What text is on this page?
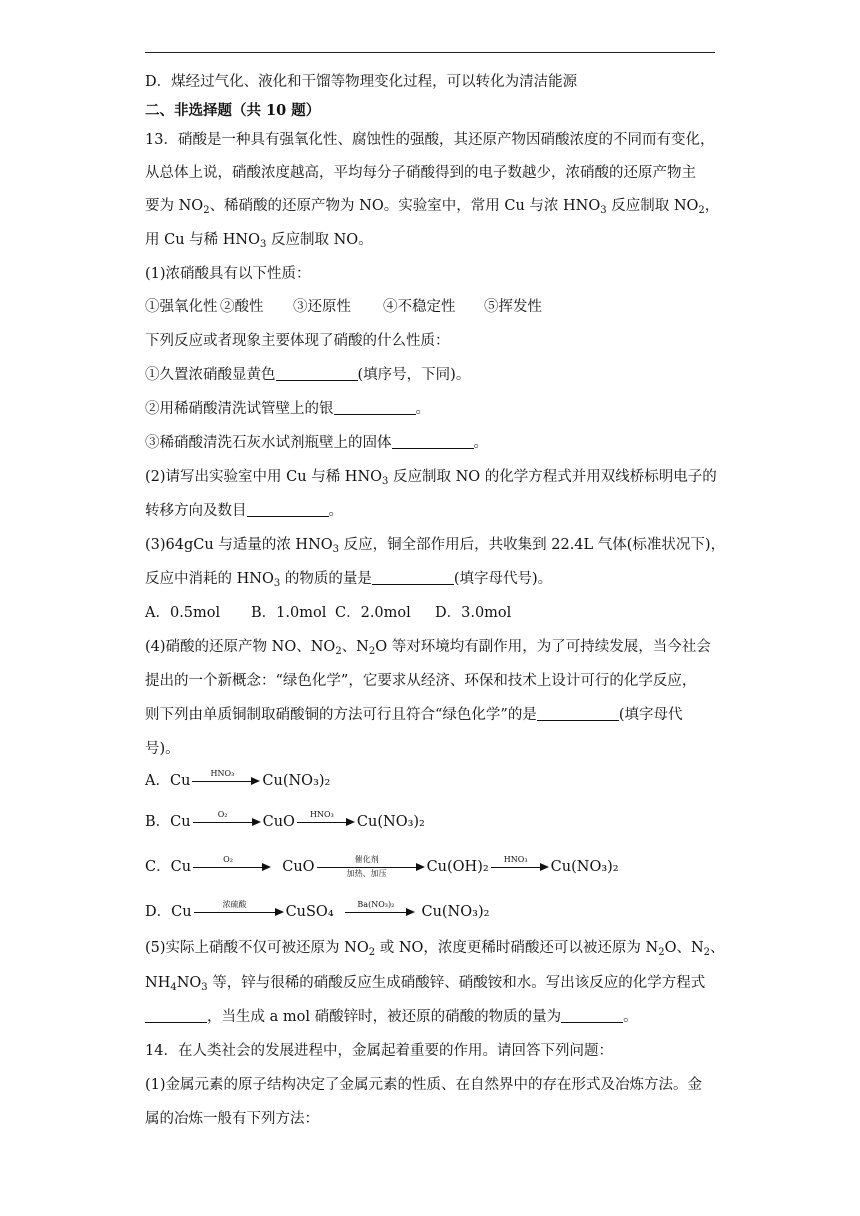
D．煤经过气化、液化和干馏等物理变化过程，可以转化为清洁能源
二、非选择题（共 10 题）
13．硝酸是一种具有强氧化性、腐蚀性的强酸，其还原产物因硝酸浓度的不同而有变化，
从总体上说，硝酸浓度越高，平均每分子硝酸得到的电子数越少，浓硝酸的还原产物主
要为 $NO_2$、稀硝酸的还原产物为 NO。实验室中，常用 Cu 与浓 $HNO_3$ 反应制取 $NO_2$，
用 Cu 与稀 $HNO_3$ 反应制取 NO。
(1)浓硝酸具有以下性质：
①强氧化性 ②酸性 ③还原性 ④不稳定性 ⑤挥发性
下列反应或者现象主要体现了硝酸的什么性质：
①久置浓硝酸显黄色	(填序号，下同)。
②用稀硝酸清洗试管壁上的银	。
③稀硝酸清洗石灰水试剂瓶壁上的固体	。
(2)请写出实验室中用 Cu 与稀 $HNO_3$ 反应制取 NO 的化学方程式并用双线桥标明电子的
转移方向及数目	。
(3)64gCu 与适量的浓 $HNO_3$ 反应，铜全部作用后，共收集到 22.4L 气体(标准状况下)，
反应中消耗的 $HNO_3$ 的物质的量是	(填字母代号)。
A．0.5mol B．1.0mol C．2.0mol D．3.0mol
(4)硝酸的还原产物 NO、$NO_2$、$N_2O$ 等对环境均有副作用，为了可持续发展，当今社会
提出的一个新概念：“绿色化学”，它要求从经济、环保和技术上设计可行的化学反应，
则下列由单质铜制取硝酸铜的方法可行且符合“绿色化学”的是	(填字母代
号)。
A．Cu	HNO₃	Cu(NO₃)₂
B．Cu	O₂	CuO	HNO₃	Cu(NO₃)₂
C．Cu	O₂	CuO	催化剂
加热、加压	Cu(OH)₂	HNO₃	Cu(NO₃)₂
D．Cu	浓硫酸	CuSO₄	Ba(NO₃)₂	Cu(NO₃)₂
(5)实际上硝酸不仅可被还原为 $NO_2$ 或 NO，浓度更稀时硝酸还可以被还原为 $N_2O$、$N_2$、
$NH_4NO_3$ 等，锌与很稀的硝酸反应生成硝酸锌、硝酸铵和水。写出该反应的化学方程式
，当生成 a mol 硝酸锌时，被还原的硝酸的物质的量为	。
14．在人类社会的发展进程中，金属起着重要的作用。请回答下列问题：
(1)金属元素的原子结构决定了金属元素的性质、在自然界中的存在形式及冶炼方法。金
属的冶炼一般有下列方法：
